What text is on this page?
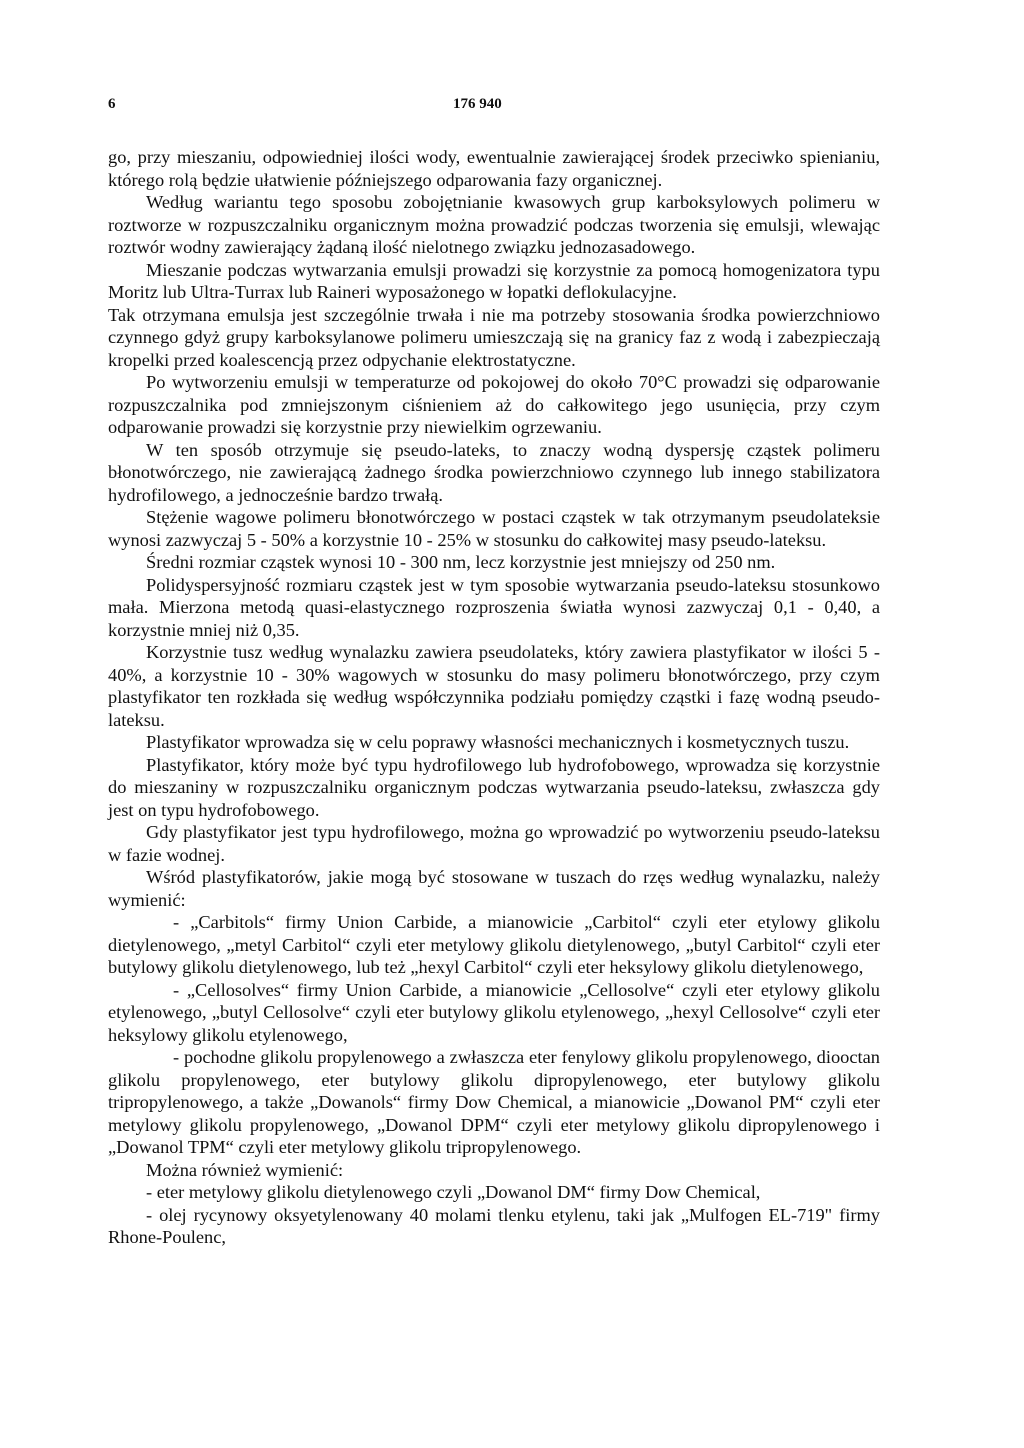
6	176 940

go, przy mieszaniu, odpowiedniej ilości wody, ewentualnie zawierającej środek przeciwko spienianiu, którego rolą będzie ułatwienie późniejszego odparowania fazy organicznej.

Według wariantu tego sposobu zobojętnianie kwasowych grup karboksylowych polimeru w roztworze w rozpuszczalniku organicznym można prowadzić podczas tworzenia się emulsji, wlewając roztwór wodny zawierający żądaną ilość nielotnego związku jednozasadowego.

Mieszanie podczas wytwarzania emulsji prowadzi się korzystnie za pomocą homogenizatora typu Moritz lub Ultra-Turrax lub Raineri wyposażonego w łopatki deflokulacyjne.

Tak otrzymana emulsja jest szczególnie trwała i nie ma potrzeby stosowania środka powierzchniowo czynnego gdyż grupy karboksylanowe polimeru umieszczają się na granicy faz z wodą i zabezpieczają kropelki przed koalescencją przez odpychanie elektrostatyczne.

Po wytworzeniu emulsji w temperaturze od pokojowej do około 70°C prowadzi się odparowanie rozpuszczalnika pod zmniejszonym ciśnieniem aż do całkowitego jego usunięcia, przy czym odparowanie prowadzi się korzystnie przy niewielkim ogrzewaniu.

W ten sposób otrzymuje się pseudo-lateks, to znaczy wodną dyspersję cząstek polimeru błonotwórczego, nie zawierającą żadnego środka powierzchniowo czynnego lub innego stabilizatora hydrofilowego, a jednocześnie bardzo trwałą.

Stężenie wagowe polimeru błonotwórczego w postaci cząstek w tak otrzymanym pseudolateksie wynosi zazwyczaj 5 - 50% a korzystnie 10 - 25% w stosunku do całkowitej masy pseudo-lateksu.

Średni rozmiar cząstek wynosi 10 - 300 nm, lecz korzystnie jest mniejszy od 250 nm.

Polidyspersyjność rozmiaru cząstek jest w tym sposobie wytwarzania pseudo-lateksu stosunkowo mała. Mierzona metodą quasi-elastycznego rozproszenia światła wynosi zazwyczaj 0,1 - 0,40, a korzystnie mniej niż 0,35.

Korzystnie tusz według wynalazku zawiera pseudolateks, który zawiera plastyfikator w ilości 5 - 40%, a korzystnie 10 - 30% wagowych w stosunku do masy polimeru błonotwórczego, przy czym plastyfikator ten rozkłada się według współczynnika podziału pomiędzy cząstki i fazę wodną pseudo-lateksu.

Plastyfikator wprowadza się w celu poprawy własności mechanicznych i kosmetycznych tuszu.

Plastyfikator, który może być typu hydrofilowego lub hydrofobowego, wprowadza się korzystnie do mieszaniny w rozpuszczalniku organicznym podczas wytwarzania pseudo-lateksu, zwłaszcza gdy jest on typu hydrofobowego.

Gdy plastyfikator jest typu hydrofilowego, można go wprowadzić po wytworzeniu pseudo-lateksu w fazie wodnej.

Wśród plastyfikatorów, jakie mogą być stosowane w tuszach do rzęs według wynalazku, należy wymienić:

- „Carbitols“ firmy Union Carbide, a mianowicie „Carbitol“ czyli eter etylowy glikolu dietylenowego, „metyl Carbitol“ czyli eter metylowy glikolu dietylenowego, „butyl Carbitol“ czyli eter butylowy glikolu dietylenowego, lub też „hexyl Carbitol“ czyli eter heksylowy glikolu dietylenowego,

- „Cellosolves“ firmy Union Carbide, a mianowicie „Cellosolve“ czyli eter etylowy glikolu etylenowego, „butyl Cellosolve“ czyli eter butylowy glikolu etylenowego, „hexyl Cellosolve“ czyli eter heksylowy glikolu etylenowego,

- pochodne glikolu propylenowego a zwłaszcza eter fenylowy glikolu propylenowego, diooctan glikolu propylenowego, eter butylowy glikolu dipropylenowego, eter butylowy glikolu tripropylenowego, a także „Dowanols“ firmy Dow Chemical, a mianowicie „Dowanol PM“ czyli eter metylowy glikolu propylenowego, „Dowanol DPM“ czyli eter metylowy glikolu dipropylenowego i „Dowanol TPM“ czyli eter metylowy glikolu tripropylenowego.

Można również wymienić:

- eter metylowy glikolu dietylenowego czyli „Dowanol DM“ firmy Dow Chemical,

- olej rycynowy oksyetylenowany 40 molami tlenku etylenu, taki jak „Mulfogen EL-719" firmy Rhone-Poulenc,
